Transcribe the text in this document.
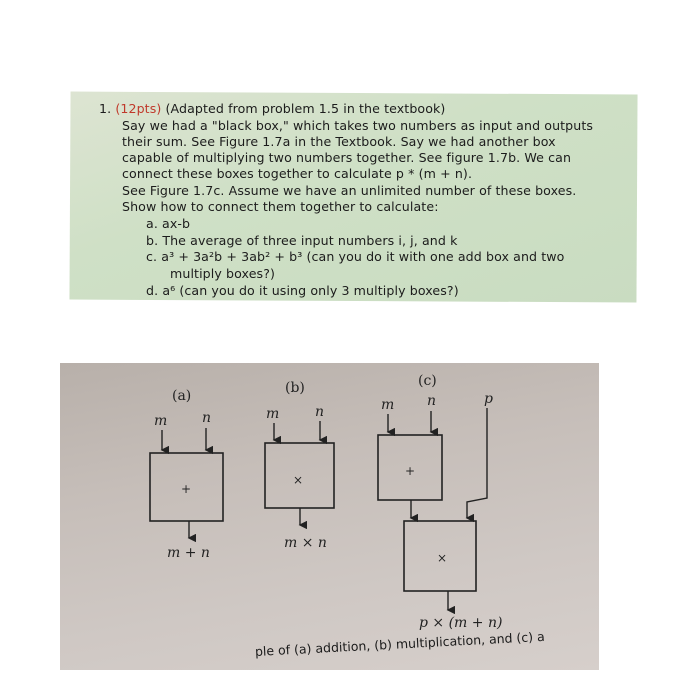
1. (12pts) (Adapted from problem 1.5 in the textbook)
Say we had a "black box," which takes two numbers as input and outputs
their sum. See Figure 1.7a in the Textbook. Say we had another box
capable of multiplying two numbers together. See figure 1.7b. We can
connect these boxes together to calculate p * (m + n).
See Figure 1.7c. Assume we have an unlimited number of these boxes.
Show how to connect them together to calculate:
a. ax-b
b. The average of three input numbers i, j, and k
c. a³ + 3a²b + 3ab² + b³ (can you do it with one add box and two
multiply boxes?)
d. a⁶ (can you do it using only 3 multiply boxes?)
(a)
m n
+
m + n
(b)
m	n
×
m × n
(c)
m n	p
+
×
p × (m + n)
ple of (a) addition, (b) multiplication, and (c) a
